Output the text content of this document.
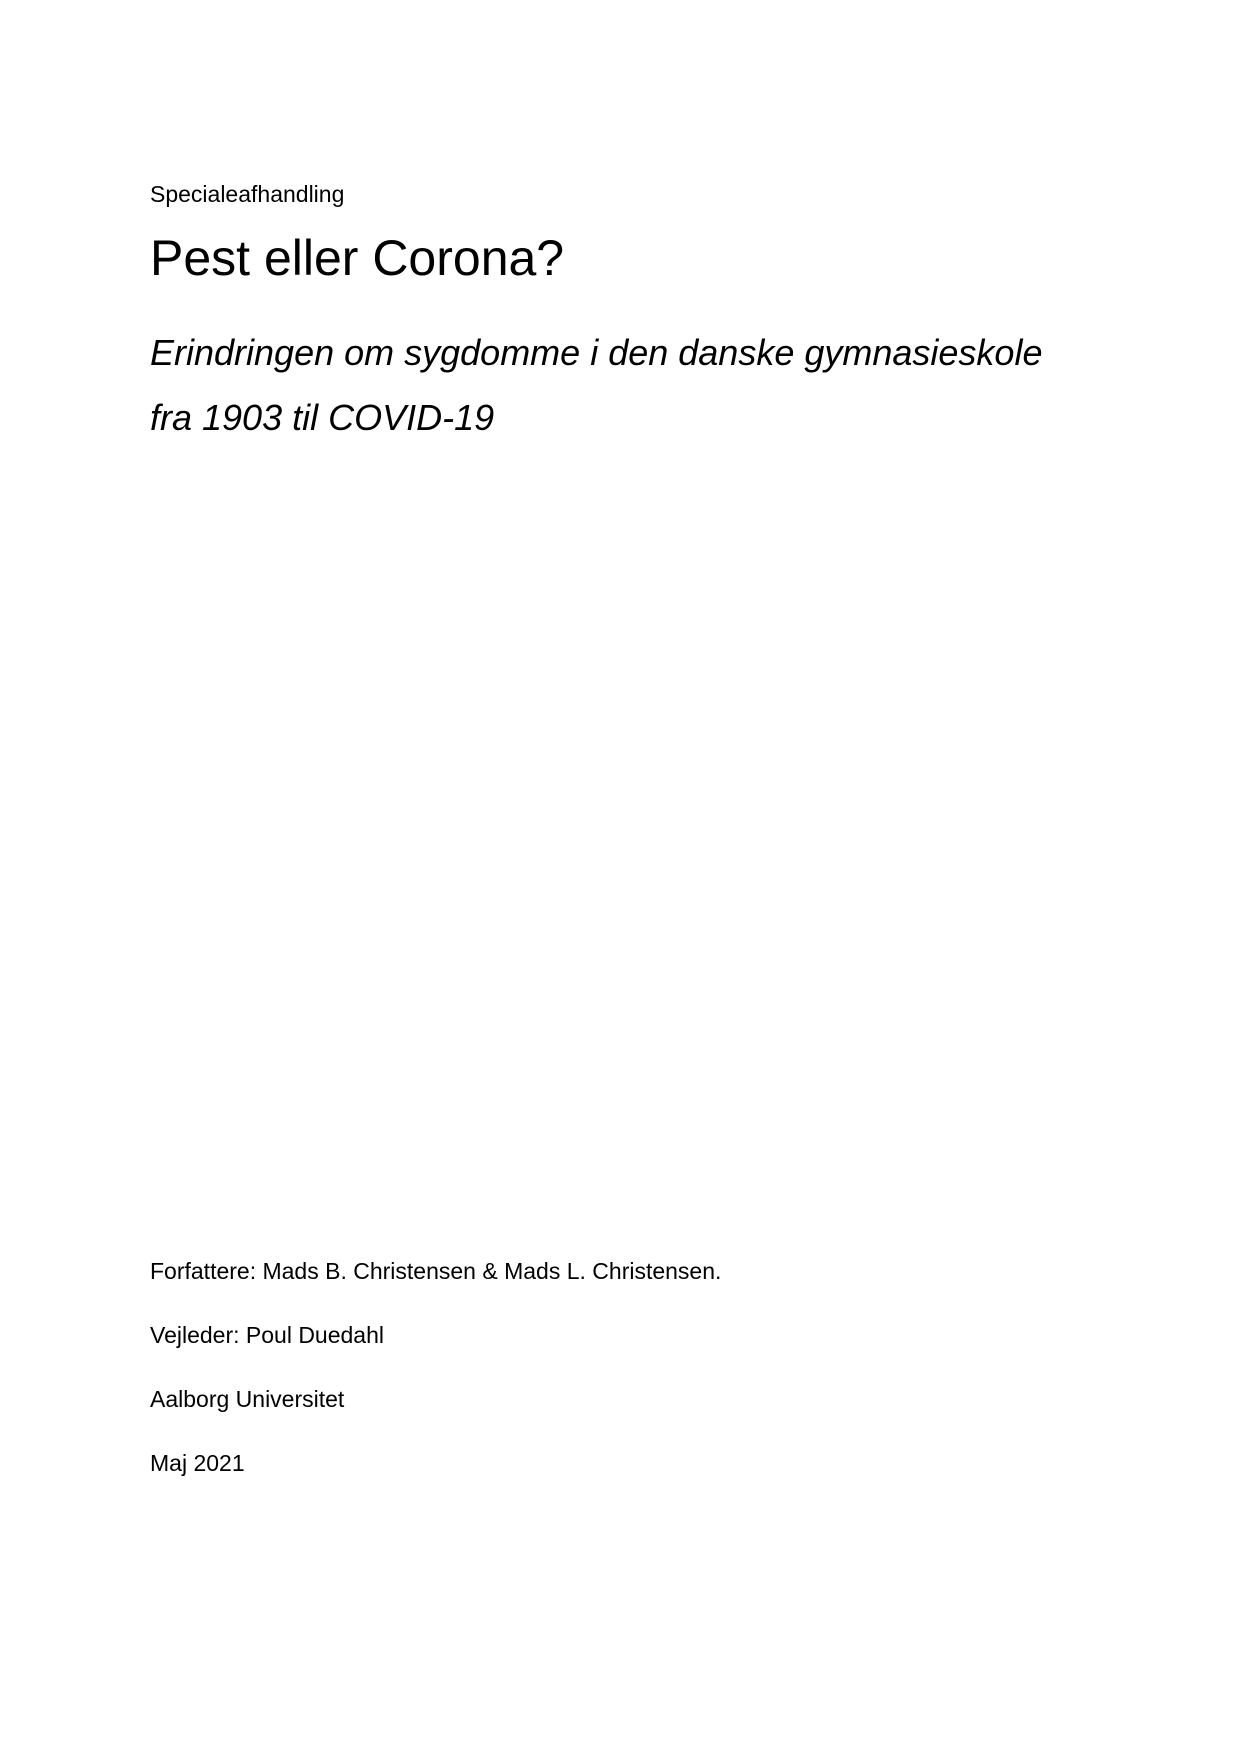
Specialeafhandling
Pest eller Corona?
Erindringen om sygdomme i den danske gymnasieskole
fra 1903 til COVID-19
Forfattere: Mads B. Christensen & Mads L. Christensen.
Vejleder: Poul Duedahl
Aalborg Universitet
Maj 2021
